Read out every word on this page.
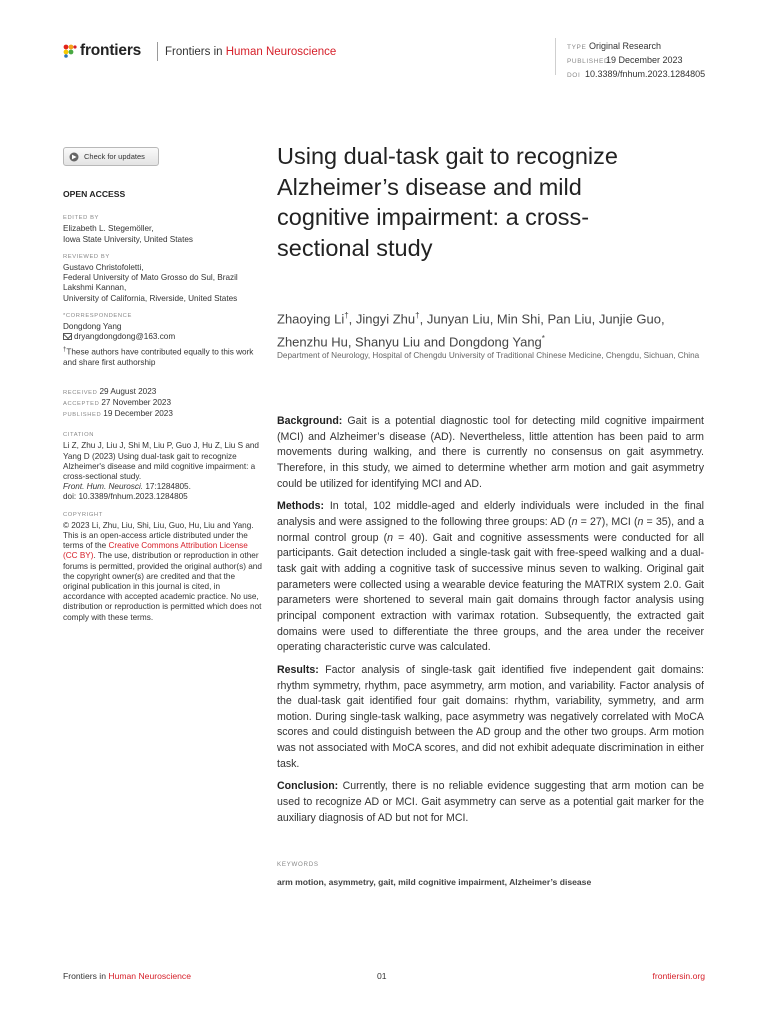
frontiers Frontiers in Human Neuroscience	TYPE Original Research
PUBLISHED19 December 2023
DOI 10.3389/fnhum.2023.1284805
Check for updates
OPEN ACCESS
EDITED BY
Elizabeth L. Stegemöller,
Iowa State University, United States
REVIEWED BY
Gustavo Christofoletti,
Federal University of Mato Grosso do Sul, Brazil
Lakshmi Kannan,
University of California, Riverside, United States
*CORRESPONDENCE
Dongdong Yang
dryangdongdong@163.com
†These authors have contributed equally to this work and share first authorship
RECEIVED 29 August 2023
ACCEPTED 27 November 2023
PUBLISHED 19 December 2023
CITATION
Li Z, Zhu J, Liu J, Shi M, Liu P, Guo J, Hu Z, Liu S and Yang D (2023) Using dual-task gait to recognize Alzheimer's disease and mild cognitive impairment: a cross-sectional study.
Front. Hum. Neurosci. 17:1284805.
doi: 10.3389/fnhum.2023.1284805
COPYRIGHT
© 2023 Li, Zhu, Liu, Shi, Liu, Guo, Hu, Liu and Yang. This is an open-access article distributed under the terms of the Creative Commons Attribution License (CC BY). The use, distribution or reproduction in other forums is permitted, provided the original author(s) and the copyright owner(s) are credited and that the original publication in this journal is cited, in accordance with accepted academic practice. No use, distribution or reproduction is permitted which does not comply with these terms.
Using dual-task gait to recognize Alzheimer’s disease and mild cognitive impairment: a cross-sectional study
Zhaoying Li†, Jingyi Zhu†, Junyan Liu, Min Shi, Pan Liu, Junjie Guo, Zhenzhu Hu, Shanyu Liu and Dongdong Yang*
Department of Neurology, Hospital of Chengdu University of Traditional Chinese Medicine, Chengdu, Sichuan, China

Background: Gait is a potential diagnostic tool for detecting mild cognitive impairment (MCI) and Alzheimer’s disease (AD). Nevertheless, little attention has been paid to arm movements during walking, and there is currently no consensus on gait asymmetry. Therefore, in this study, we aimed to determine whether arm motion and gait asymmetry could be utilized for identifying MCI and AD.

Methods: In total, 102 middle-aged and elderly individuals were included in the final analysis and were assigned to the following three groups: AD (n = 27), MCI (n = 35), and a normal control group (n = 40). Gait and cognitive assessments were conducted for all participants. Gait detection included a single-task gait with free-speed walking and a dual-task gait with adding a cognitive task of successive minus seven to walking. Original gait parameters were collected using a wearable device featuring the MATRIX system 2.0. Gait parameters were shortened to several main gait domains through factor analysis using principal component extraction with varimax rotation. Subsequently, the extracted gait domains were used to differentiate the three groups, and the area under the receiver operating characteristic curve was calculated.

Results: Factor analysis of single-task gait identified five independent gait domains: rhythm symmetry, rhythm, pace asymmetry, arm motion, and variability. Factor analysis of the dual-task gait identified four gait domains: rhythm, variability, symmetry, and arm motion. During single-task walking, pace asymmetry was negatively correlated with MoCA scores and could distinguish between the AD group and the other two groups. Arm motion was not associated with MoCA scores, and did not exhibit adequate discrimination in either task.

Conclusion: Currently, there is no reliable evidence suggesting that arm motion can be used to recognize AD or MCI. Gait asymmetry can serve as a potential gait marker for the auxiliary diagnosis of AD but not for MCI.

KEYWORDS
arm motion, asymmetry, gait, mild cognitive impairment, Alzheimer’s disease
Frontiers in Human Neuroscience	01	frontiersin.org
